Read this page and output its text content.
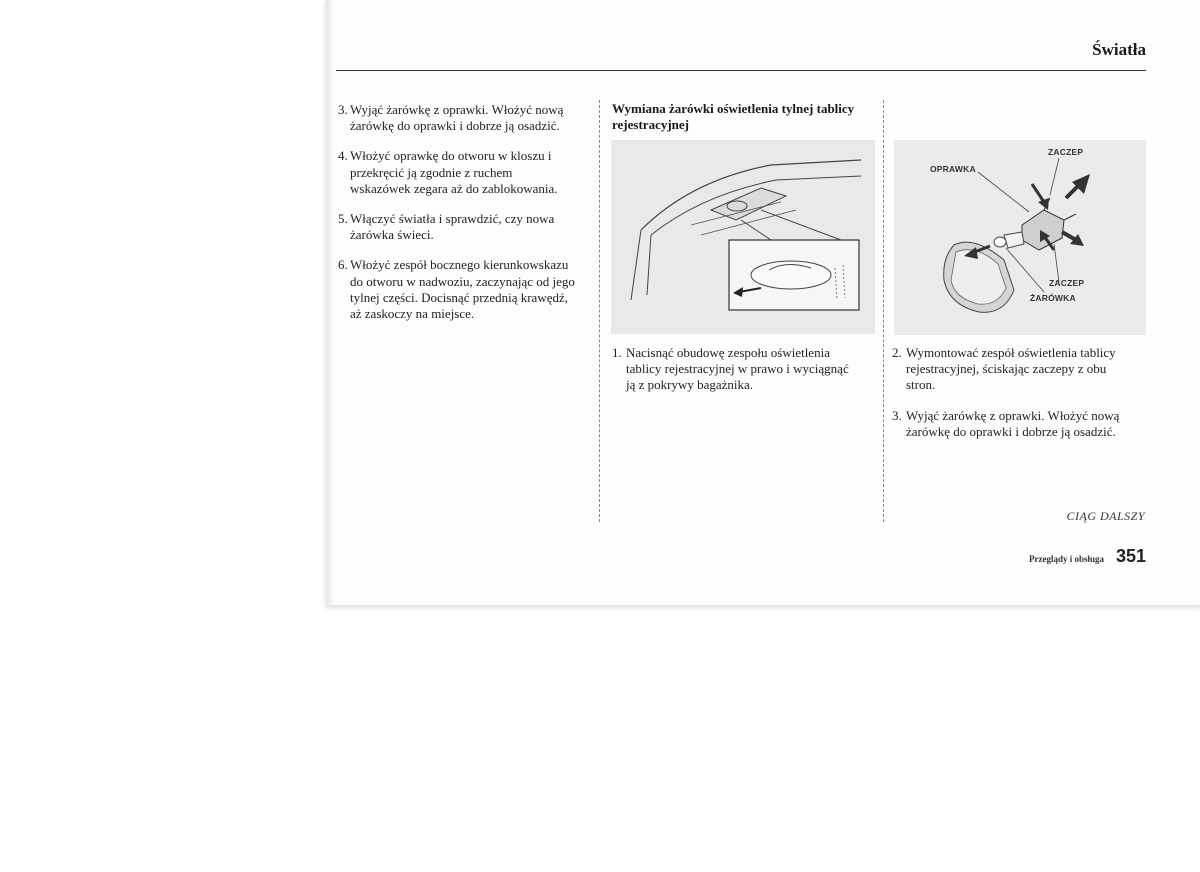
Światła
3. Wyjąć żarówkę z oprawki. Włożyć nową
żarówkę do oprawki i dobrze ją osadzić.
4. Włożyć oprawkę do otworu w kloszu i
przekręcić ją zgodnie z ruchem
wskazówek zegara aż do zablokowania.
5. Włączyć światła i sprawdzić, czy nowa
żarówka świeci.
6. Włożyć zespół bocznego kierunkowskazu
do otworu w nadwoziu, zaczynając od jego
tylnej części. Docisnąć przednią krawędź,
aż zaskoczy na miejsce.
Wymiana żarówki oświetlenia tylnej tablicy rejestracyjnej
1. Nacisnąć obudowę zespołu oświetlenia
tablicy rejestracyjnej w prawo i wyciągnąć
ją z pokrywy bagażnika.
ZACZEP
OPRAWKA
ZACZEP
ŻARÓWKA
2. Wymontować zespół oświetlenia tablicy
rejestracyjnej, ściskając zaczepy z obu
stron.
3. Wyjąć żarówkę z oprawki. Włożyć nową
żarówkę do oprawki i dobrze ją osadzić.
CIĄG DALSZY
Przeglądy i obsługa 351
